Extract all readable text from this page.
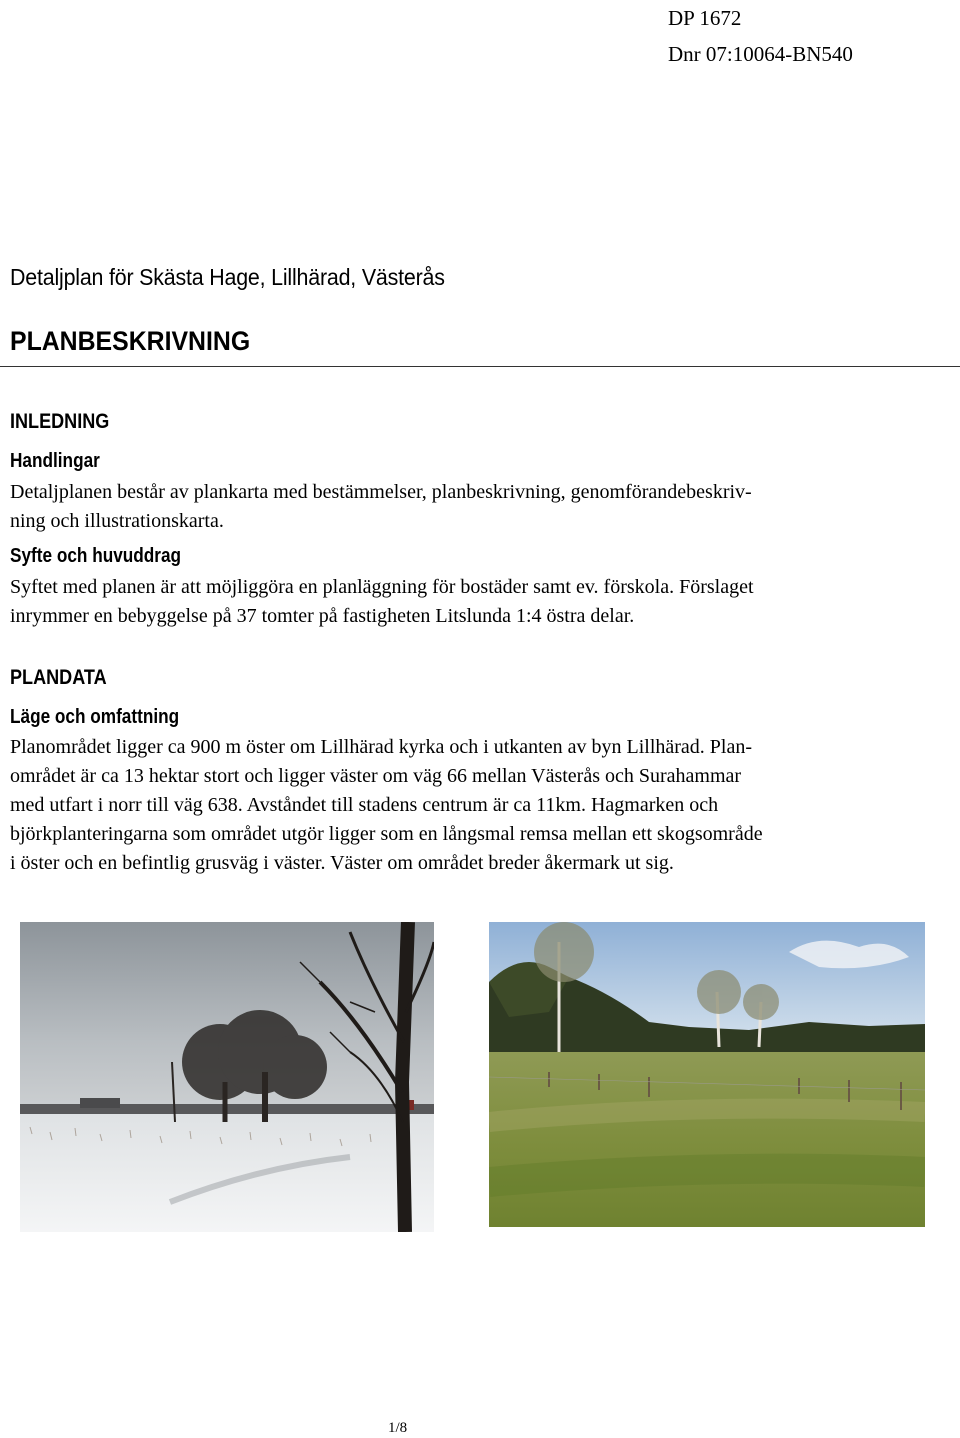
DP 1672
Dnr 07:10064-BN540
Detaljplan för Skästa Hage, Lillhärad, Västerås
PLANBESKRIVNING
INLEDNING
Handlingar

Detaljplanen består av plankarta med bestämmelser, planbeskrivning, genomförandebeskriv-
ning och illustrationskarta.

Syfte och huvuddrag

Syftet med planen är att möjliggöra en planläggning för bostäder samt ev. förskola. Förslaget
inrymmer en bebyggelse på 37 tomter på fastigheten Litslunda 1:4 östra delar.

PLANDATA
Läge och omfattning

Planområdet ligger ca 900 m öster om Lillhärad kyrka och i utkanten av byn Lillhärad. Plan-
området är ca 13 hektar stort och ligger väster om väg 66 mellan Västerås och Surahammar
med utfart i norr till väg 638. Avståndet till stadens centrum är ca 11km. Hagmarken och
björkplanteringarna som området utgör ligger som en långsmal remsa mellan ett skogsområde
i öster och en befintlig grusväg i väster. Väster om området breder åkermark ut sig.

1/8
